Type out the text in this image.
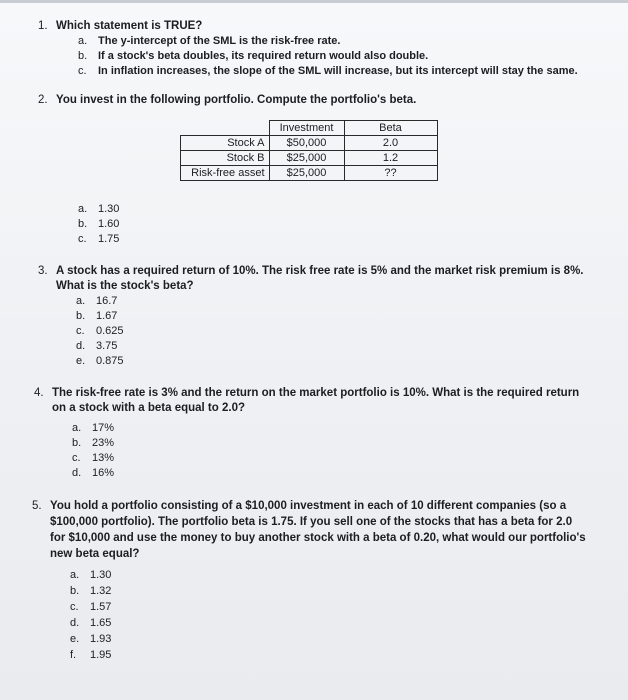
1. Which statement is TRUE?
a. The y-intercept of the SML is the risk-free rate.
b. If a stock's beta doubles, its required return would also double.
c.	In inflation increases, the slope of the SML will increase, but its intercept will stay the same.
2. You invest in the following portfolio. Compute the portfolio's beta.
	Investment	Beta
Stock A	$50,000	2.0
Stock B	$25,000	1.2
Risk-free asset	$25,000	??
a. 1.30
b. 1.60
c.	1.75
3. A stock has a required return of 10%. The risk free rate is 5% and the market risk premium is 8%.
What is the stock's beta?
a. 16.7
b. 1.67
c.	0.625
d. 3.75
e. 0.875
4. The risk-free rate is 3% and the return on the market portfolio is 10%. What is the required return
on a stock with a beta equal to 2.0?
a. 17%
b. 23%
c.	13%
d. 16%
5. You hold a portfolio consisting of a $10,000 investment in each of 10 different companies (so a
$100,000 portfolio). The portfolio beta is 1.75. If you sell one of the stocks that has a beta for 2.0
for $10,000 and use the money to buy another stock with a beta of 0.20, what would our portfolio's
new beta equal?
a. 1.30
b. 1.32
c.	1.57
d. 1.65
e. 1.93
f.	1.95
